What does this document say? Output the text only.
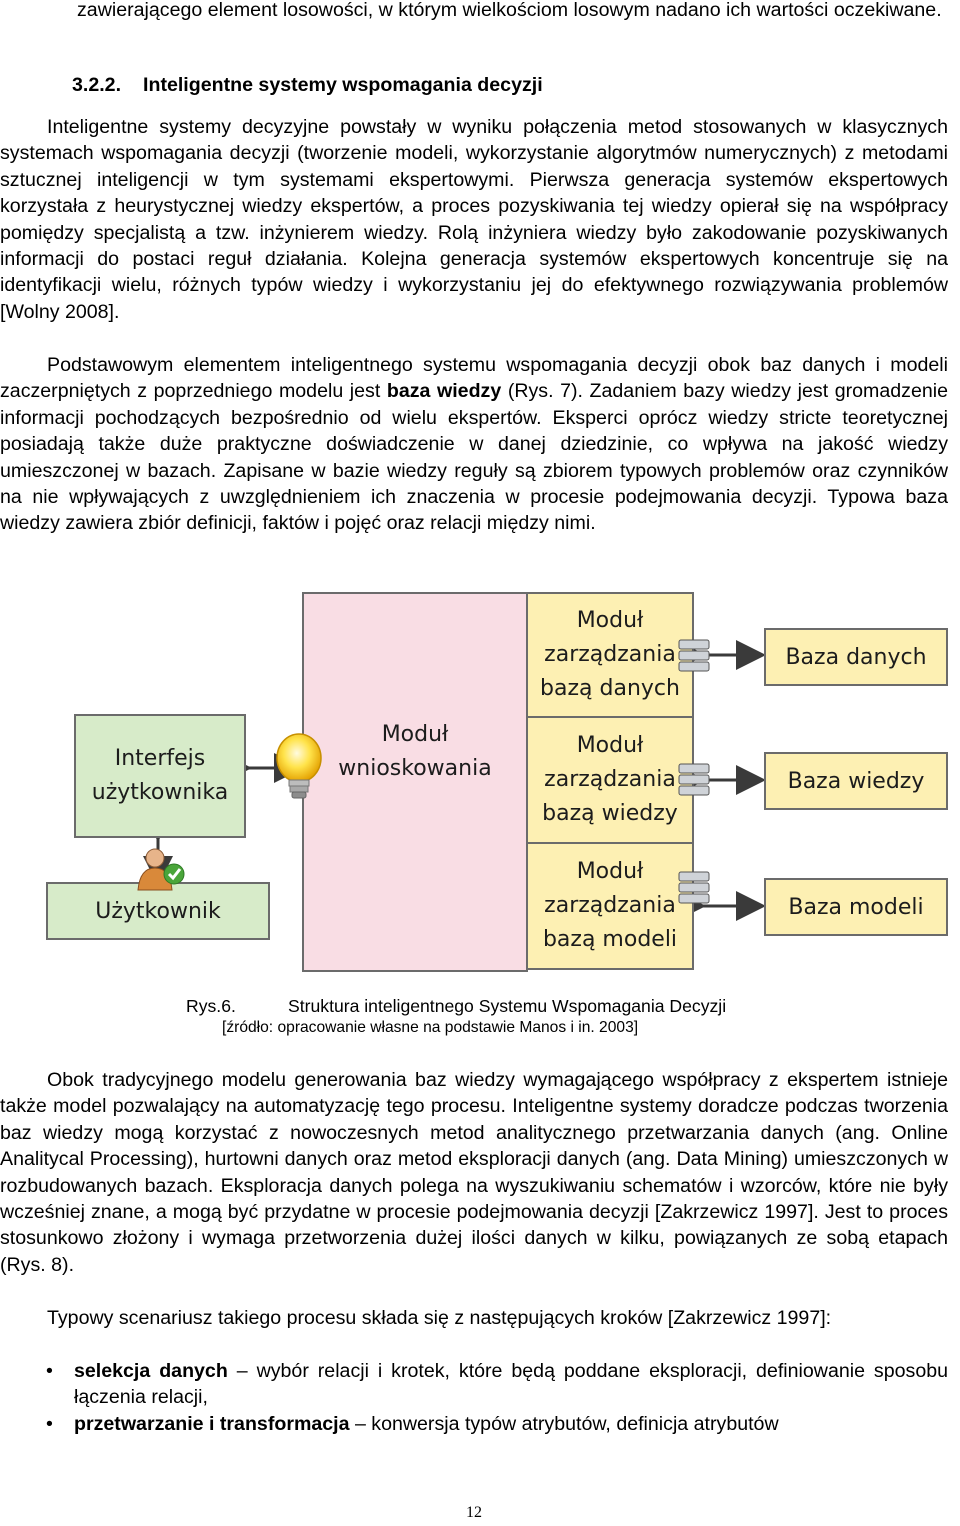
zawierającego element losowości, w którym wielkościom losowym nadano ich wartości oczekiwane.

3.2.2. Inteligentne systemy wspomagania decyzji

Inteligentne systemy decyzyjne powstały w wyniku połączenia metod stosowanych w klasycznych systemach wspomagania decyzji (tworzenie modeli, wykorzystanie algorytmów numerycznych) z metodami sztucznej inteligencji w tym systemami ekspertowymi. Pierwsza generacja systemów ekspertowych korzystała z heurystycznej wiedzy ekspertów, a proces pozyskiwania tej wiedzy opierał się na współpracy pomiędzy specjalistą a tzw. inżynierem wiedzy. Rolą inżyniera wiedzy było zakodowanie pozyskiwanych informacji do postaci reguł działania. Kolejna generacja systemów ekspertowych koncentruje się na identyfikacji wielu, różnych typów wiedzy i wykorzystaniu jej do efektywnego rozwiązywania problemów [Wolny 2008].

Podstawowym elementem inteligentnego systemu wspomagania decyzji obok baz danych i modeli zaczerpniętych z poprzedniego modelu jest baza wiedzy (Rys. 7). Zadaniem bazy wiedzy jest gromadzenie informacji pochodzących bezpośrednio od wielu ekspertów. Eksperci oprócz wiedzy stricte teoretycznej posiadają także duże praktyczne doświadczenie w danej dziedzinie, co wpływa na jakość wiedzy umieszczonej w bazach. Zapisane w bazie wiedzy reguły są zbiorem typowych problemów oraz czynników na nie wpływających z uwzględnieniem ich znaczenia w procesie podejmowania decyzji. Typowa baza wiedzy zawiera zbiór definicji, faktów i pojęć oraz relacji między nimi.

Interfejs
użytkownika
Użytkownik
Moduł
wnioskowania
Moduł
zarządzania
bazą danych
Moduł
zarządzania
bazą wiedzy
Moduł
zarządzania
bazą modeli
Baza danych
Baza wiedzy
Baza modeli
Rys.6.	Struktura inteligentnego Systemu Wspomagania Decyzji
[źródło: opracowanie własne na podstawie Manos i in. 2003]

Obok tradycyjnego modelu generowania baz wiedzy wymagającego współpracy z ekspertem istnieje także model pozwalający na automatyzację tego procesu. Inteligentne systemy doradcze podczas tworzenia baz wiedzy mogą korzystać z nowoczesnych metod analitycznego przetwarzania danych (ang. Online Analitycal Processing), hurtowni danych oraz metod eksploracji danych (ang. Data Mining) umieszczonych w rozbudowanych bazach. Eksploracja danych polega na wyszukiwaniu schematów i wzorców, które nie były wcześniej znane, a mogą być przydatne w procesie podejmowania decyzji [Zakrzewicz 1997]. Jest to proces stosunkowo złożony i wymaga przetworzenia dużej ilości danych w kilku, powiązanych ze sobą etapach (Rys. 8).

Typowy scenariusz takiego procesu składa się z następujących kroków [Zakrzewicz 1997]:

• selekcja danych – wybór relacji i krotek, które będą poddane eksploracji, definiowanie sposobu łączenia relacji,
• przetwarzanie i transformacja – konwersja typów atrybutów, definicja atrybutów
12
